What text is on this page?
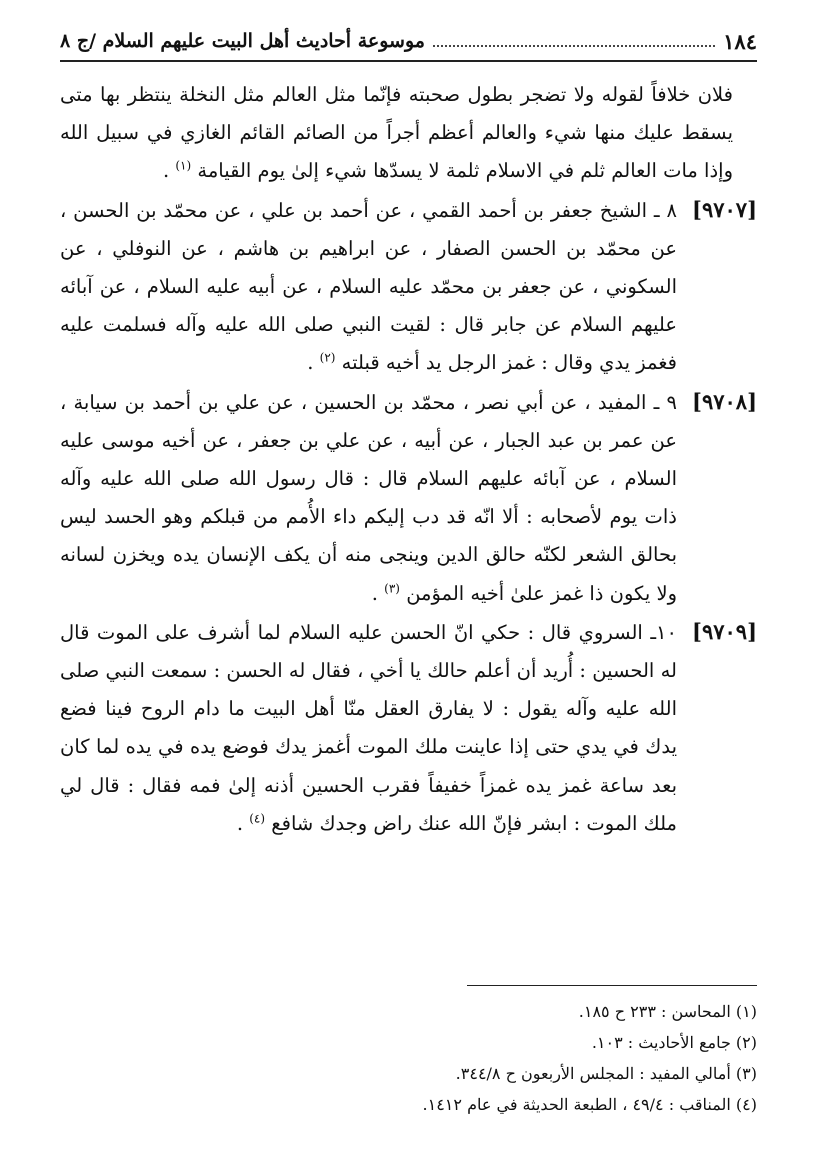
١٨٤
موسوعة أحاديث أهل البيت عليهم السلام /ج ٨

فلان خلافاً لقوله ولا تضجر بطول صحبته فإنّما مثل العالم مثل النخلة ينتظر بها متى يسقط عليك منها شيء والعالم أعظم أجراً من الصائم القائم الغازي في سبيل الله وإذا مات العالم ثلم في الاسلام ثلمة لا يسدّها شيء إلىٰ يوم القيامة $^{(١)}$ .

[٩٧٠٧]
٨ ـ الشيخ جعفر بن أحمد القمي ، عن أحمد بن علي ، عن محمّد بن الحسن ، عن محمّد بن الحسن الصفار ، عن ابراهيم بن هاشم ، عن النوفلي ، عن السكوني ، عن جعفر بن محمّد عليه السلام ، عن أبيه عليه السلام ، عن آبائه عليهم السلام عن جابر قال : لقيت النبي صلى الله عليه وآله فسلمت عليه فغمز يدي وقال : غمز الرجل يد أخيه قبلته $^{(٢)}$ .
[٩٧٠٨]
٩ ـ المفيد ، عن أبي نصر ، محمّد بن الحسين ، عن علي بن أحمد بن سيابة ، عن عمر بن عبد الجبار ، عن أبيه ، عن علي بن جعفر ، عن أخيه موسى عليه السلام ، عن آبائه عليهم السلام قال : قال رسول الله صلى الله عليه وآله ذات يوم لأصحابه : ألا انّه قد دب إليكم داء الأُمم من قبلكم وهو الحسد ليس بحالق الشعر لكنّه حالق الدين وينجى منه أن يكف الإنسان يده ويخزن لسانه ولا يكون ذا غمز علىٰ أخيه المؤمن $^{(٣)}$ .
[٩٧٠٩]
١٠ـ السروي قال : حكي انّ الحسن عليه السلام لما أشرف على الموت قال له الحسين : أُريد أن أعلم حالك يا أخي ، فقال له الحسن : سمعت النبي صلى الله عليه وآله يقول : لا يفارق العقل منّا أهل البيت ما دام الروح فينا فضع يدك في يدي حتى إذا عاينت ملك الموت أغمز يدك فوضع يده في يده لما كان بعد ساعة غمز يده غمزاً خفيفاً فقرب الحسين أذنه إلىٰ فمه فقال : قال لي ملك الموت : ابشر فإنّ الله عنك راض وجدك شافع $^{(٤)}$ .

(١) المحاسن : ٢٣٣ ح ١٨٥.

(٢) جامع الأحاديث : ١٠٣.

(٣) أمالي المفيد : المجلس الأربعون ح ٣٤٤/٨.

(٤) المناقب : ٤٩/٤ ، الطبعة الحديثة في عام ١٤١٢.
